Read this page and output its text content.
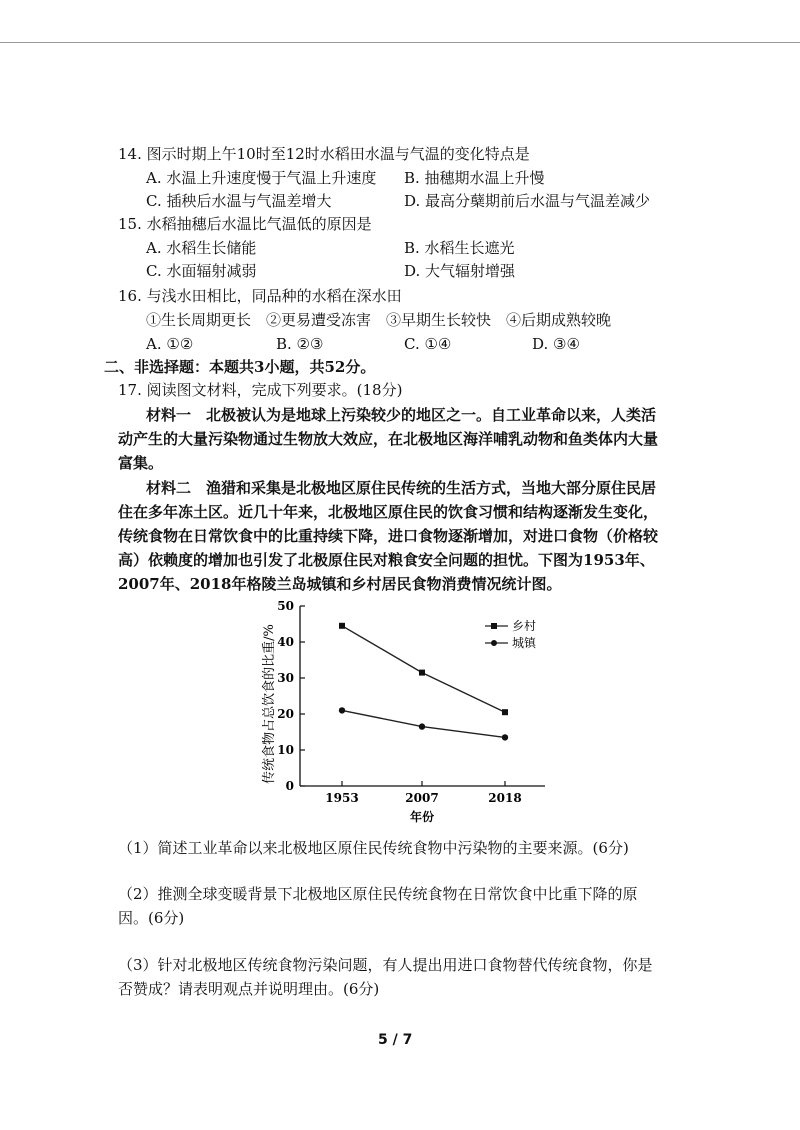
14. 图示时期上午10时至12时水稻田水温与气温的变化特点是
A. 水温上升速度慢于气温上升速度 B. 抽穗期水温上升慢
C. 插秧后水温与气温差增大	D. 最高分蘖期前后水温与气温差减少
15. 水稻抽穗后水温比气温低的原因是
A. 水稻生长储能	B. 水稻生长遮光
C. 水面辐射减弱	D. 大气辐射增强
16. 与浅水田相比，同品种的水稻在深水田
①生长周期更长　②更易遭受冻害　③早期生长较快　④后期成熟较晚
A. ①②	B. ②③	C. ①④	D. ③④
二、非选择题：本题共3小题，共52分。
17. 阅读图文材料，完成下列要求。(18分)
材料一　北极被认为是地球上污染较少的地区之一。自工业革命以来，人类活
动产生的大量污染物通过生物放大效应，在北极地区海洋哺乳动物和鱼类体内大量
富集。
材料二　渔猎和采集是北极地区原住民传统的生活方式，当地大部分原住民居
住在多年冻土区。近几十年来，北极地区原住民的饮食习惯和结构逐渐发生变化，
传统食物在日常饮食中的比重持续下降，进口食物逐渐增加，对进口食物（价格较
高）依赖度的增加也引发了北极原住民对粮食安全问题的担忧。下图为1953年、
2007年、2018年格陵兰岛城镇和乡村居民食物消费情况统计图。
传统食物占总饮食的比重/%
年份
0
10
20
30
40
50
1953	2007	2018
乡村
城镇
（1）简述工业革命以来北极地区原住民传统食物中污染物的主要来源。(6分)
（2）推测全球变暖背景下北极地区原住民传统食物在日常饮食中比重下降的原
因。(6分)
（3）针对北极地区传统食物污染问题，有人提出用进口食物替代传统食物，你是
否赞成？请表明观点并说明理由。(6分)
5 / 7
